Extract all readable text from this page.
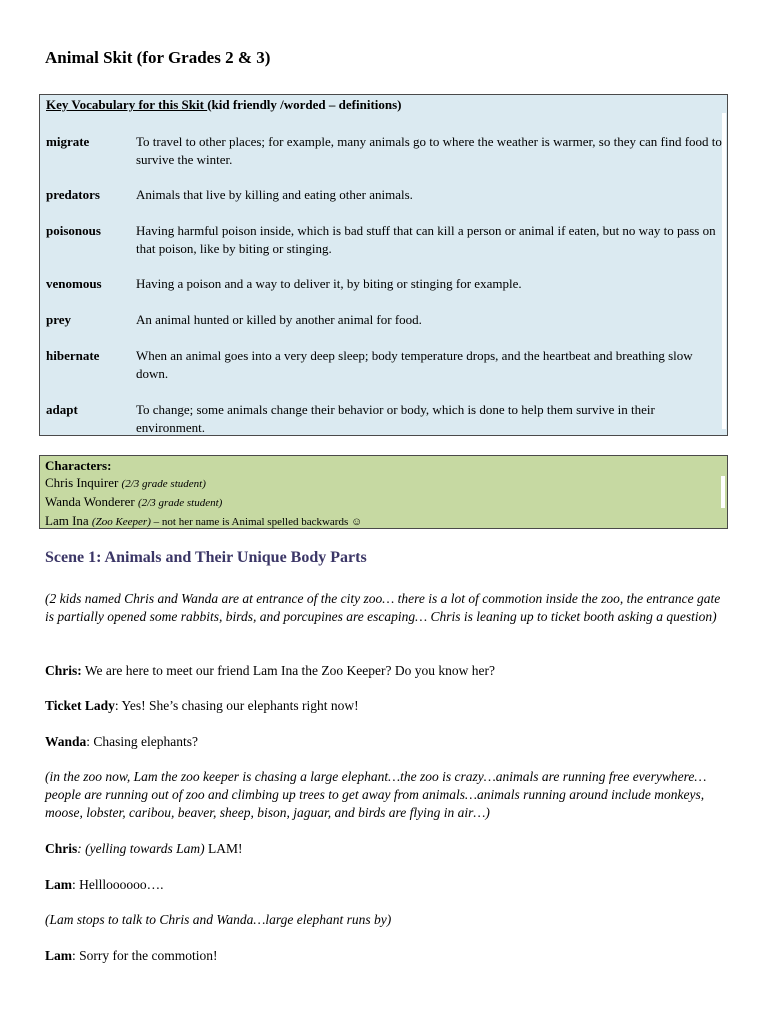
Animal Skit (for Grades 2 & 3)
Key Vocabulary for this Skit (kid friendly /worded – definitions)
migrate	To travel to other places; for example, many animals go to where the weather is warmer, so they can find food to survive the winter.
predators	Animals that live by killing and eating other animals.
poisonous	Having harmful poison inside, which is bad stuff that can kill a person or animal if eaten, but no way to pass on that poison, like by biting or stinging.
venomous	Having a poison and a way to deliver it, by biting or stinging for example.
prey	An animal hunted or killed by another animal for food.
hibernate	When an animal goes into a very deep sleep; body temperature drops, and the heartbeat and breathing slow down.
adapt	To change; some animals change their behavior or body, which is done to help them survive in their environment.
Characters:
Chris Inquirer (2/3 grade student)
Wanda Wonderer (2/3 grade student)
Lam Ina (Zoo Keeper) – not her name is Animal spelled backwards ☺
Scene 1: Animals and Their Unique Body Parts

(2 kids named Chris and Wanda are at entrance of the city zoo… there is a lot of commotion inside the zoo, the entrance gate is partially opened some rabbits, birds, and porcupines are escaping… Chris is leaning up to ticket booth asking a question)

Chris: We are here to meet our friend Lam Ina the Zoo Keeper? Do you know her?

Ticket Lady: Yes! She’s chasing our elephants right now!

Wanda: Chasing elephants?

(in the zoo now, Lam the zoo keeper is chasing a large elephant…the zoo is crazy…animals are running free everywhere…people are running out of zoo and climbing up trees to get away from animals…animals running around include monkeys, moose, lobster, caribou, beaver, sheep, bison, jaguar, and birds are flying in air…)

Chris: (yelling towards Lam) LAM!

Lam: Hellloooooo….

(Lam stops to talk to Chris and Wanda…large elephant runs by)

Lam: Sorry for the commotion!
